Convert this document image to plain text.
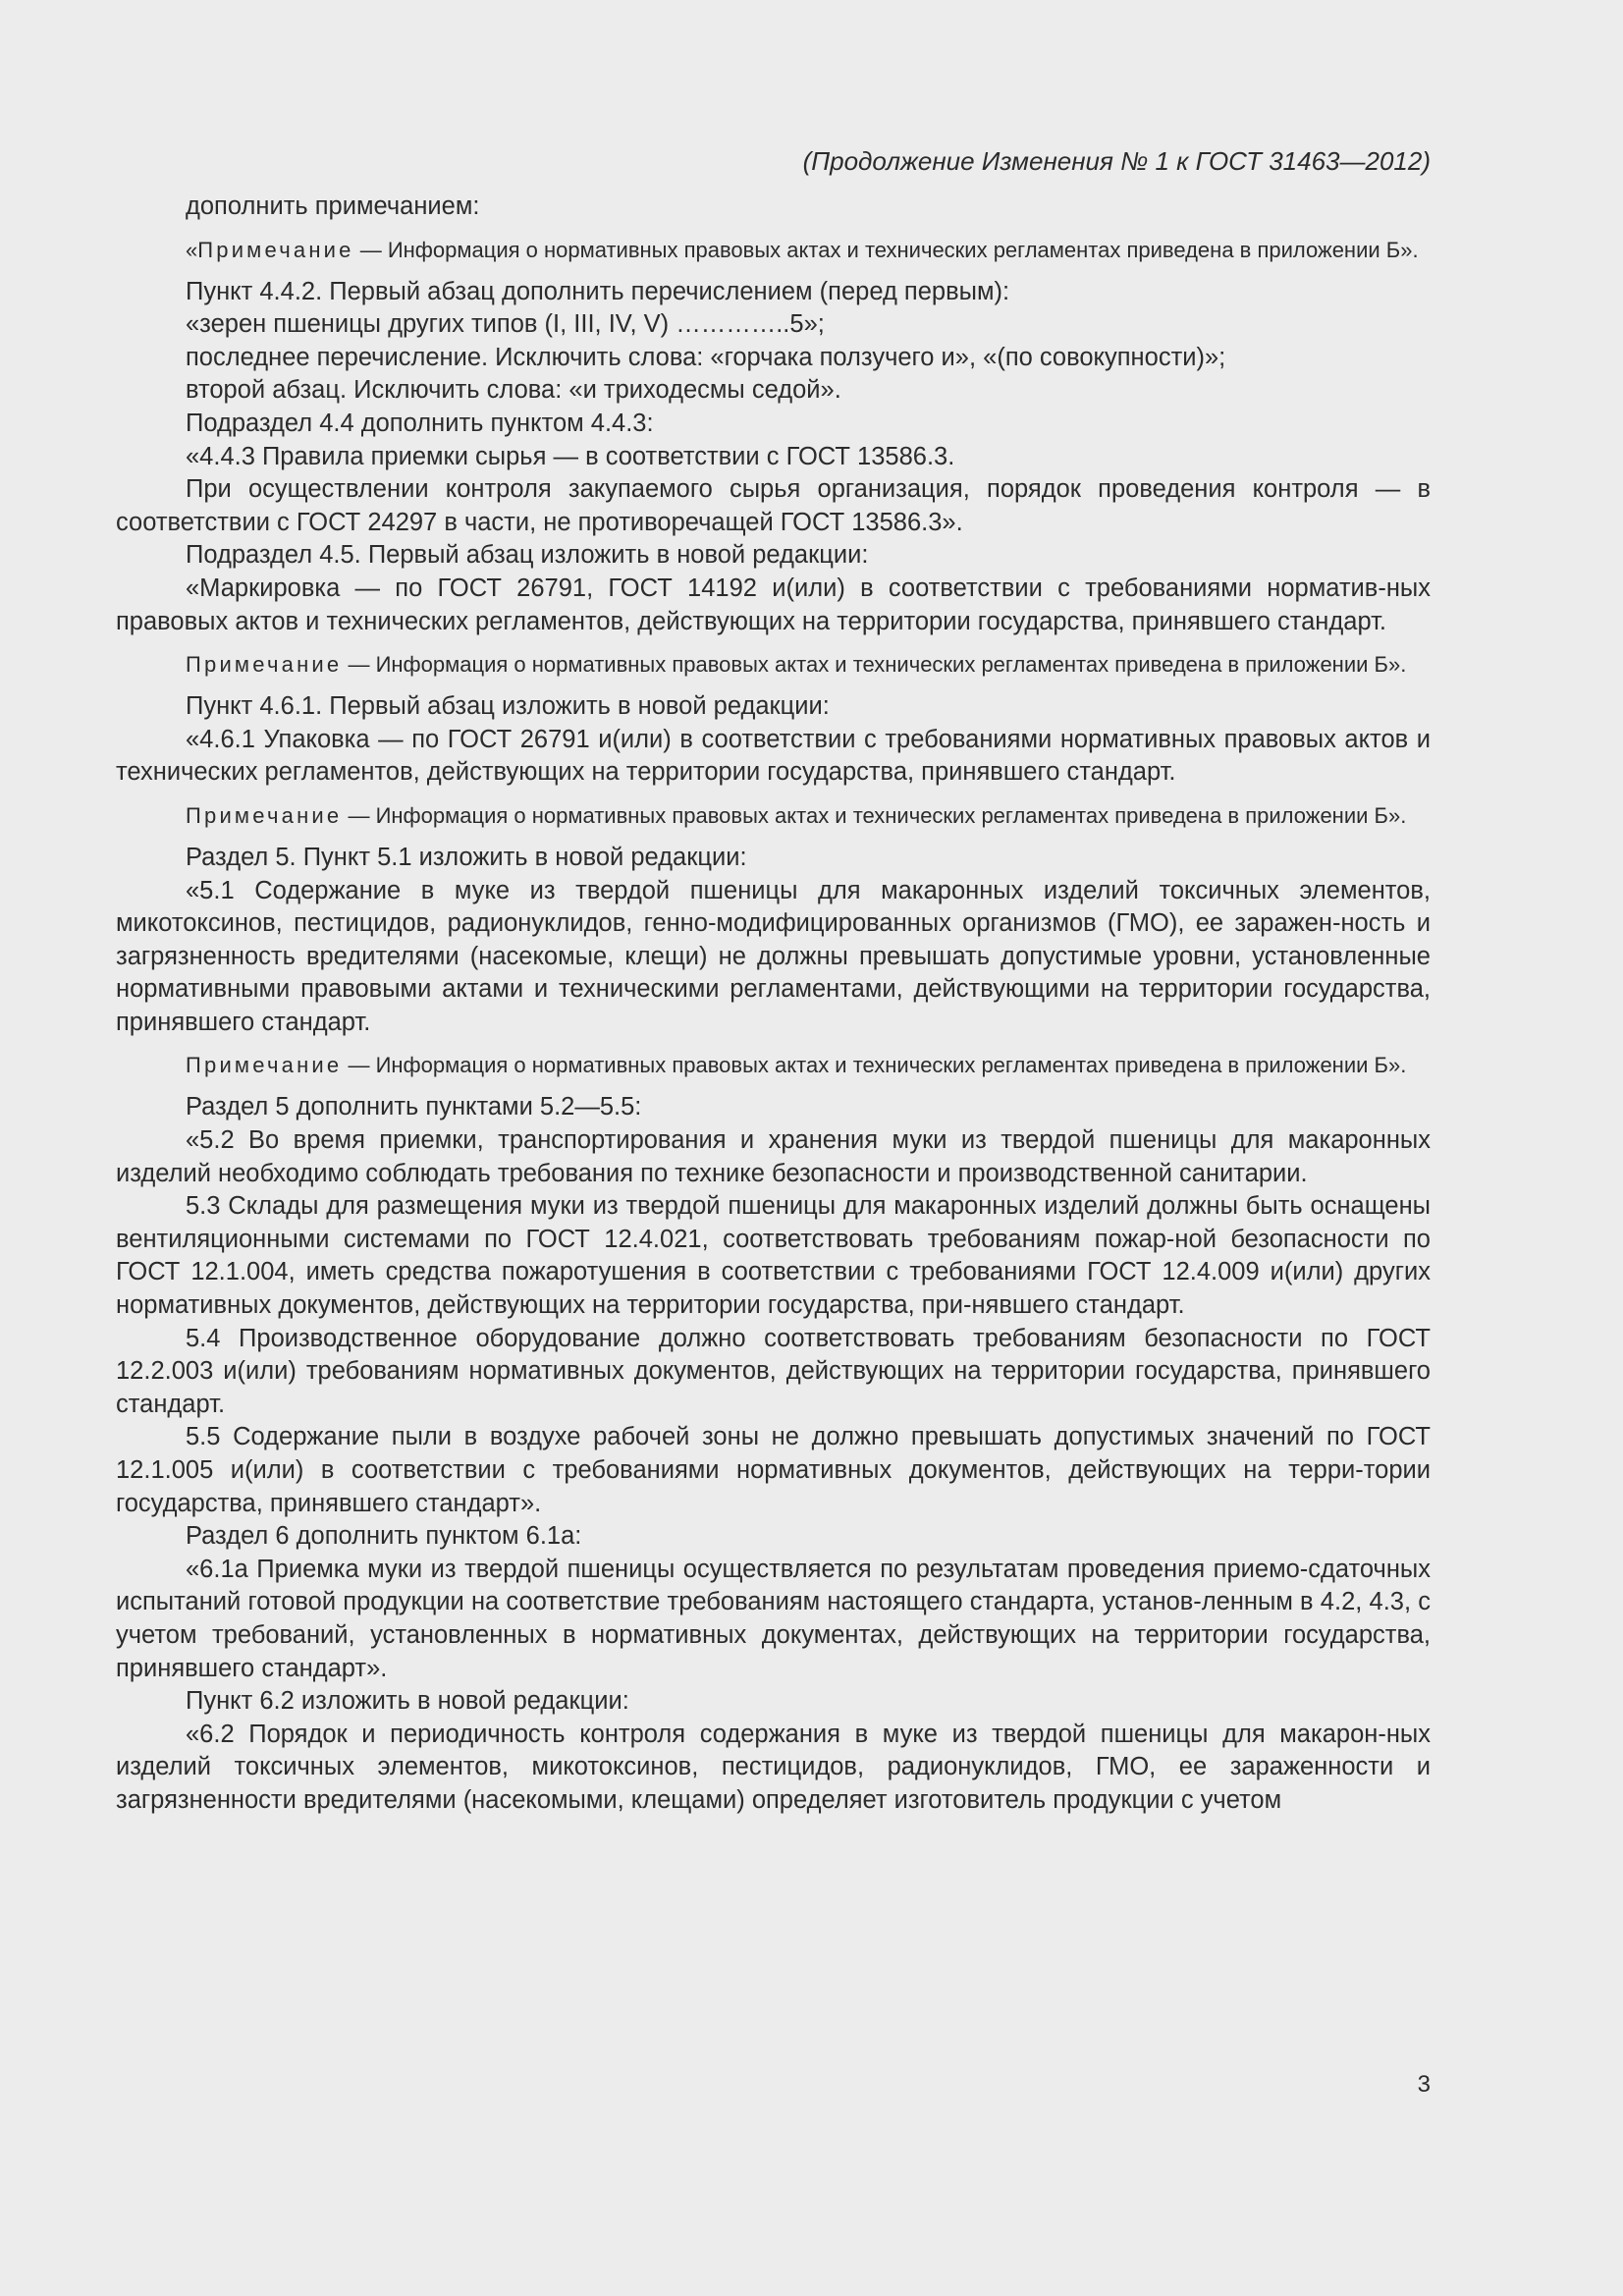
(Продолжение Изменения № 1 к ГОСТ 31463—2012)

дополнить примечанием:

«Примечание — Информация о нормативных правовых актах и технических регламентах приведена в приложении Б».

Пункт 4.4.2. Первый абзац дополнить перечислением (перед первым):

«зерен пшеницы других типов (I, III, IV, V) …………..5»;

последнее перечисление. Исключить слова: «горчака ползучего и», «(по совокупности)»;

второй абзац. Исключить слова: «и триходесмы седой».

Подраздел 4.4 дополнить пунктом 4.4.3:

«4.4.3 Правила приемки сырья — в соответствии с ГОСТ 13586.3.

При осуществлении контроля закупаемого сырья организация, порядок проведения контроля — в соответствии с ГОСТ 24297 в части, не противоречащей ГОСТ 13586.3».

Подраздел 4.5. Первый абзац изложить в новой редакции:

«Маркировка — по ГОСТ 26791, ГОСТ 14192 и(или) в соответствии с требованиями норматив-ных правовых актов и технических регламентов, действующих на территории государства, принявшего стандарт.

Примечание — Информация о нормативных правовых актах и технических регламентах приведена в приложении Б».

Пункт 4.6.1. Первый абзац изложить в новой редакции:

«4.6.1 Упаковка — по ГОСТ 26791 и(или) в соответствии с требованиями нормативных правовых актов и технических регламентов, действующих на территории государства, принявшего стандарт.

Примечание — Информация о нормативных правовых актах и технических регламентах приведена в приложении Б».

Раздел 5. Пункт 5.1 изложить в новой редакции:

«5.1 Содержание в муке из твердой пшеницы для макаронных изделий токсичных элементов, микотоксинов, пестицидов, радионуклидов, генно-модифицированных организмов (ГМО), ее заражен-ность и загрязненность вредителями (насекомые, клещи) не должны превышать допустимые уровни, установленные нормативными правовыми актами и техническими регламентами, действующими на территории государства, принявшего стандарт.

Примечание — Информация о нормативных правовых актах и технических регламентах приведена в приложении Б».

Раздел 5 дополнить пунктами 5.2—5.5:

«5.2 Во время приемки, транспортирования и хранения муки из твердой пшеницы для макаронных изделий необходимо соблюдать требования по технике безопасности и производственной санитарии.

5.3 Склады для размещения муки из твердой пшеницы для макаронных изделий должны быть оснащены вентиляционными системами по ГОСТ 12.4.021, соответствовать требованиям пожар-ной безопасности по ГОСТ 12.1.004, иметь средства пожаротушения в соответствии с требованиями ГОСТ 12.4.009 и(или) других нормативных документов, действующих на территории государства, при-нявшего стандарт.

5.4 Производственное оборудование должно соответствовать требованиям безопасности по ГОСТ 12.2.003 и(или) требованиям нормативных документов, действующих на территории государства, принявшего стандарт.

5.5 Содержание пыли в воздухе рабочей зоны не должно превышать допустимых значений по ГОСТ 12.1.005 и(или) в соответствии с требованиями нормативных документов, действующих на терри-тории государства, принявшего стандарт».

Раздел 6 дополнить пунктом 6.1а:

«6.1а Приемка муки из твердой пшеницы осуществляется по результатам проведения приемо-сдаточных испытаний готовой продукции на соответствие требованиям настоящего стандарта, установ-ленным в 4.2, 4.3, с учетом требований, установленных в нормативных документах, действующих на территории государства, принявшего стандарт».

Пункт 6.2 изложить в новой редакции:

«6.2 Порядок и периодичность контроля содержания в муке из твердой пшеницы для макарон-ных изделий токсичных элементов, микотоксинов, пестицидов, радионуклидов, ГМО, ее зараженности и загрязненности вредителями (насекомыми, клещами) определяет изготовитель продукции с учетом

3
